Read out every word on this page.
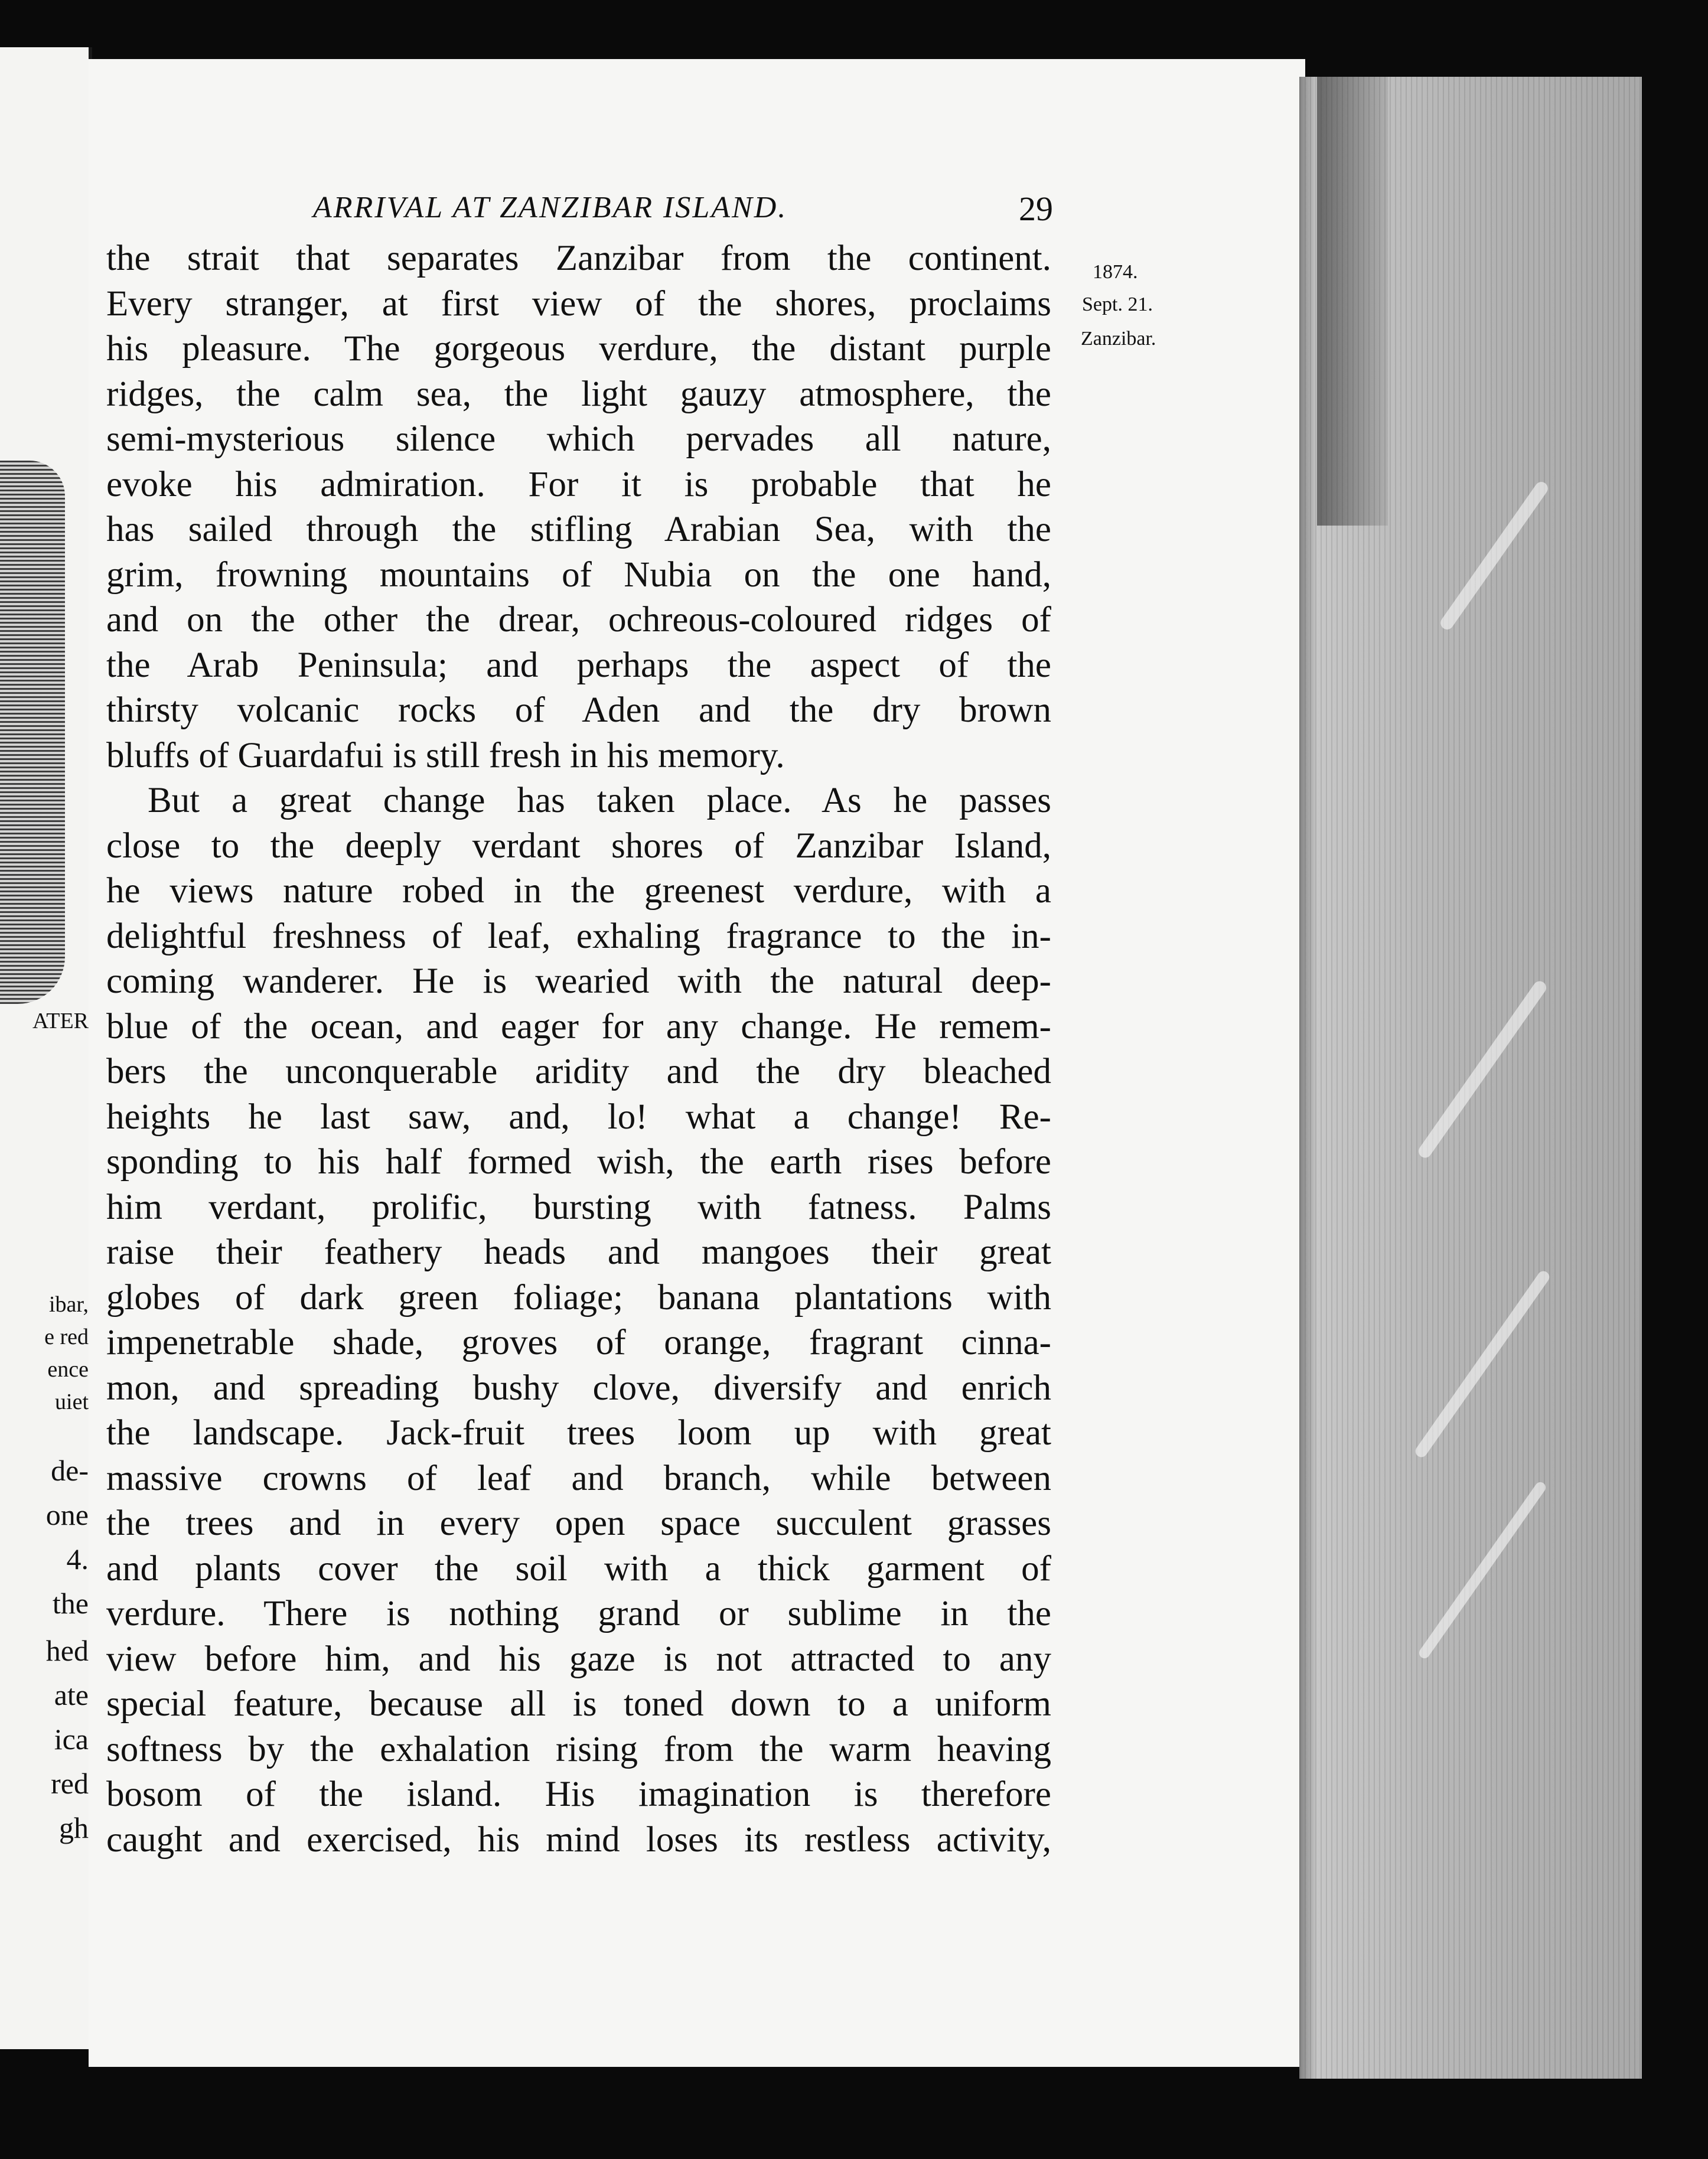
ATER
ibar,
e red
ence
uiet
de-
one
4.
the
hed
ate
ica
red
gh
ARRIVAL AT ZANZIBAR ISLAND.	29
1874.
Sept. 21.
Zanzibar.
the strait that separates Zanzibar from the continent.
Every stranger, at first view of the shores, proclaims
his pleasure. The gorgeous verdure, the distant purple
ridges, the calm sea, the light gauzy atmosphere, the
semi-mysterious silence which pervades all nature,
evoke his admiration. For it is probable that he
has sailed through the stifling Arabian Sea, with the
grim, frowning mountains of Nubia on the one hand,
and on the other the drear, ochreous-coloured ridges of
the Arab Peninsula; and perhaps the aspect of the
thirsty volcanic rocks of Aden and the dry brown
bluffs of Guardafui is still fresh in his memory.
But a great change has taken place. As he passes
close to the deeply verdant shores of Zanzibar Island,
he views nature robed in the greenest verdure, with a
delightful freshness of leaf, exhaling fragrance to the in-
coming wanderer. He is wearied with the natural deep-
blue of the ocean, and eager for any change. He remem-
bers the unconquerable aridity and the dry bleached
heights he last saw, and, lo! what a change! Re-
sponding to his half formed wish, the earth rises before
him verdant, prolific, bursting with fatness. Palms
raise their feathery heads and mangoes their great
globes of dark green foliage; banana plantations with
impenetrable shade, groves of orange, fragrant cinna-
mon, and spreading bushy clove, diversify and enrich
the landscape. Jack-fruit trees loom up with great
massive crowns of leaf and branch, while between
the trees and in every open space succulent grasses
and plants cover the soil with a thick garment of
verdure. There is nothing grand or sublime in the
view before him, and his gaze is not attracted to any
special feature, because all is toned down to a uniform
softness by the exhalation rising from the warm heaving
bosom of the island. His imagination is therefore
caught and exercised, his mind loses its restless activity,
